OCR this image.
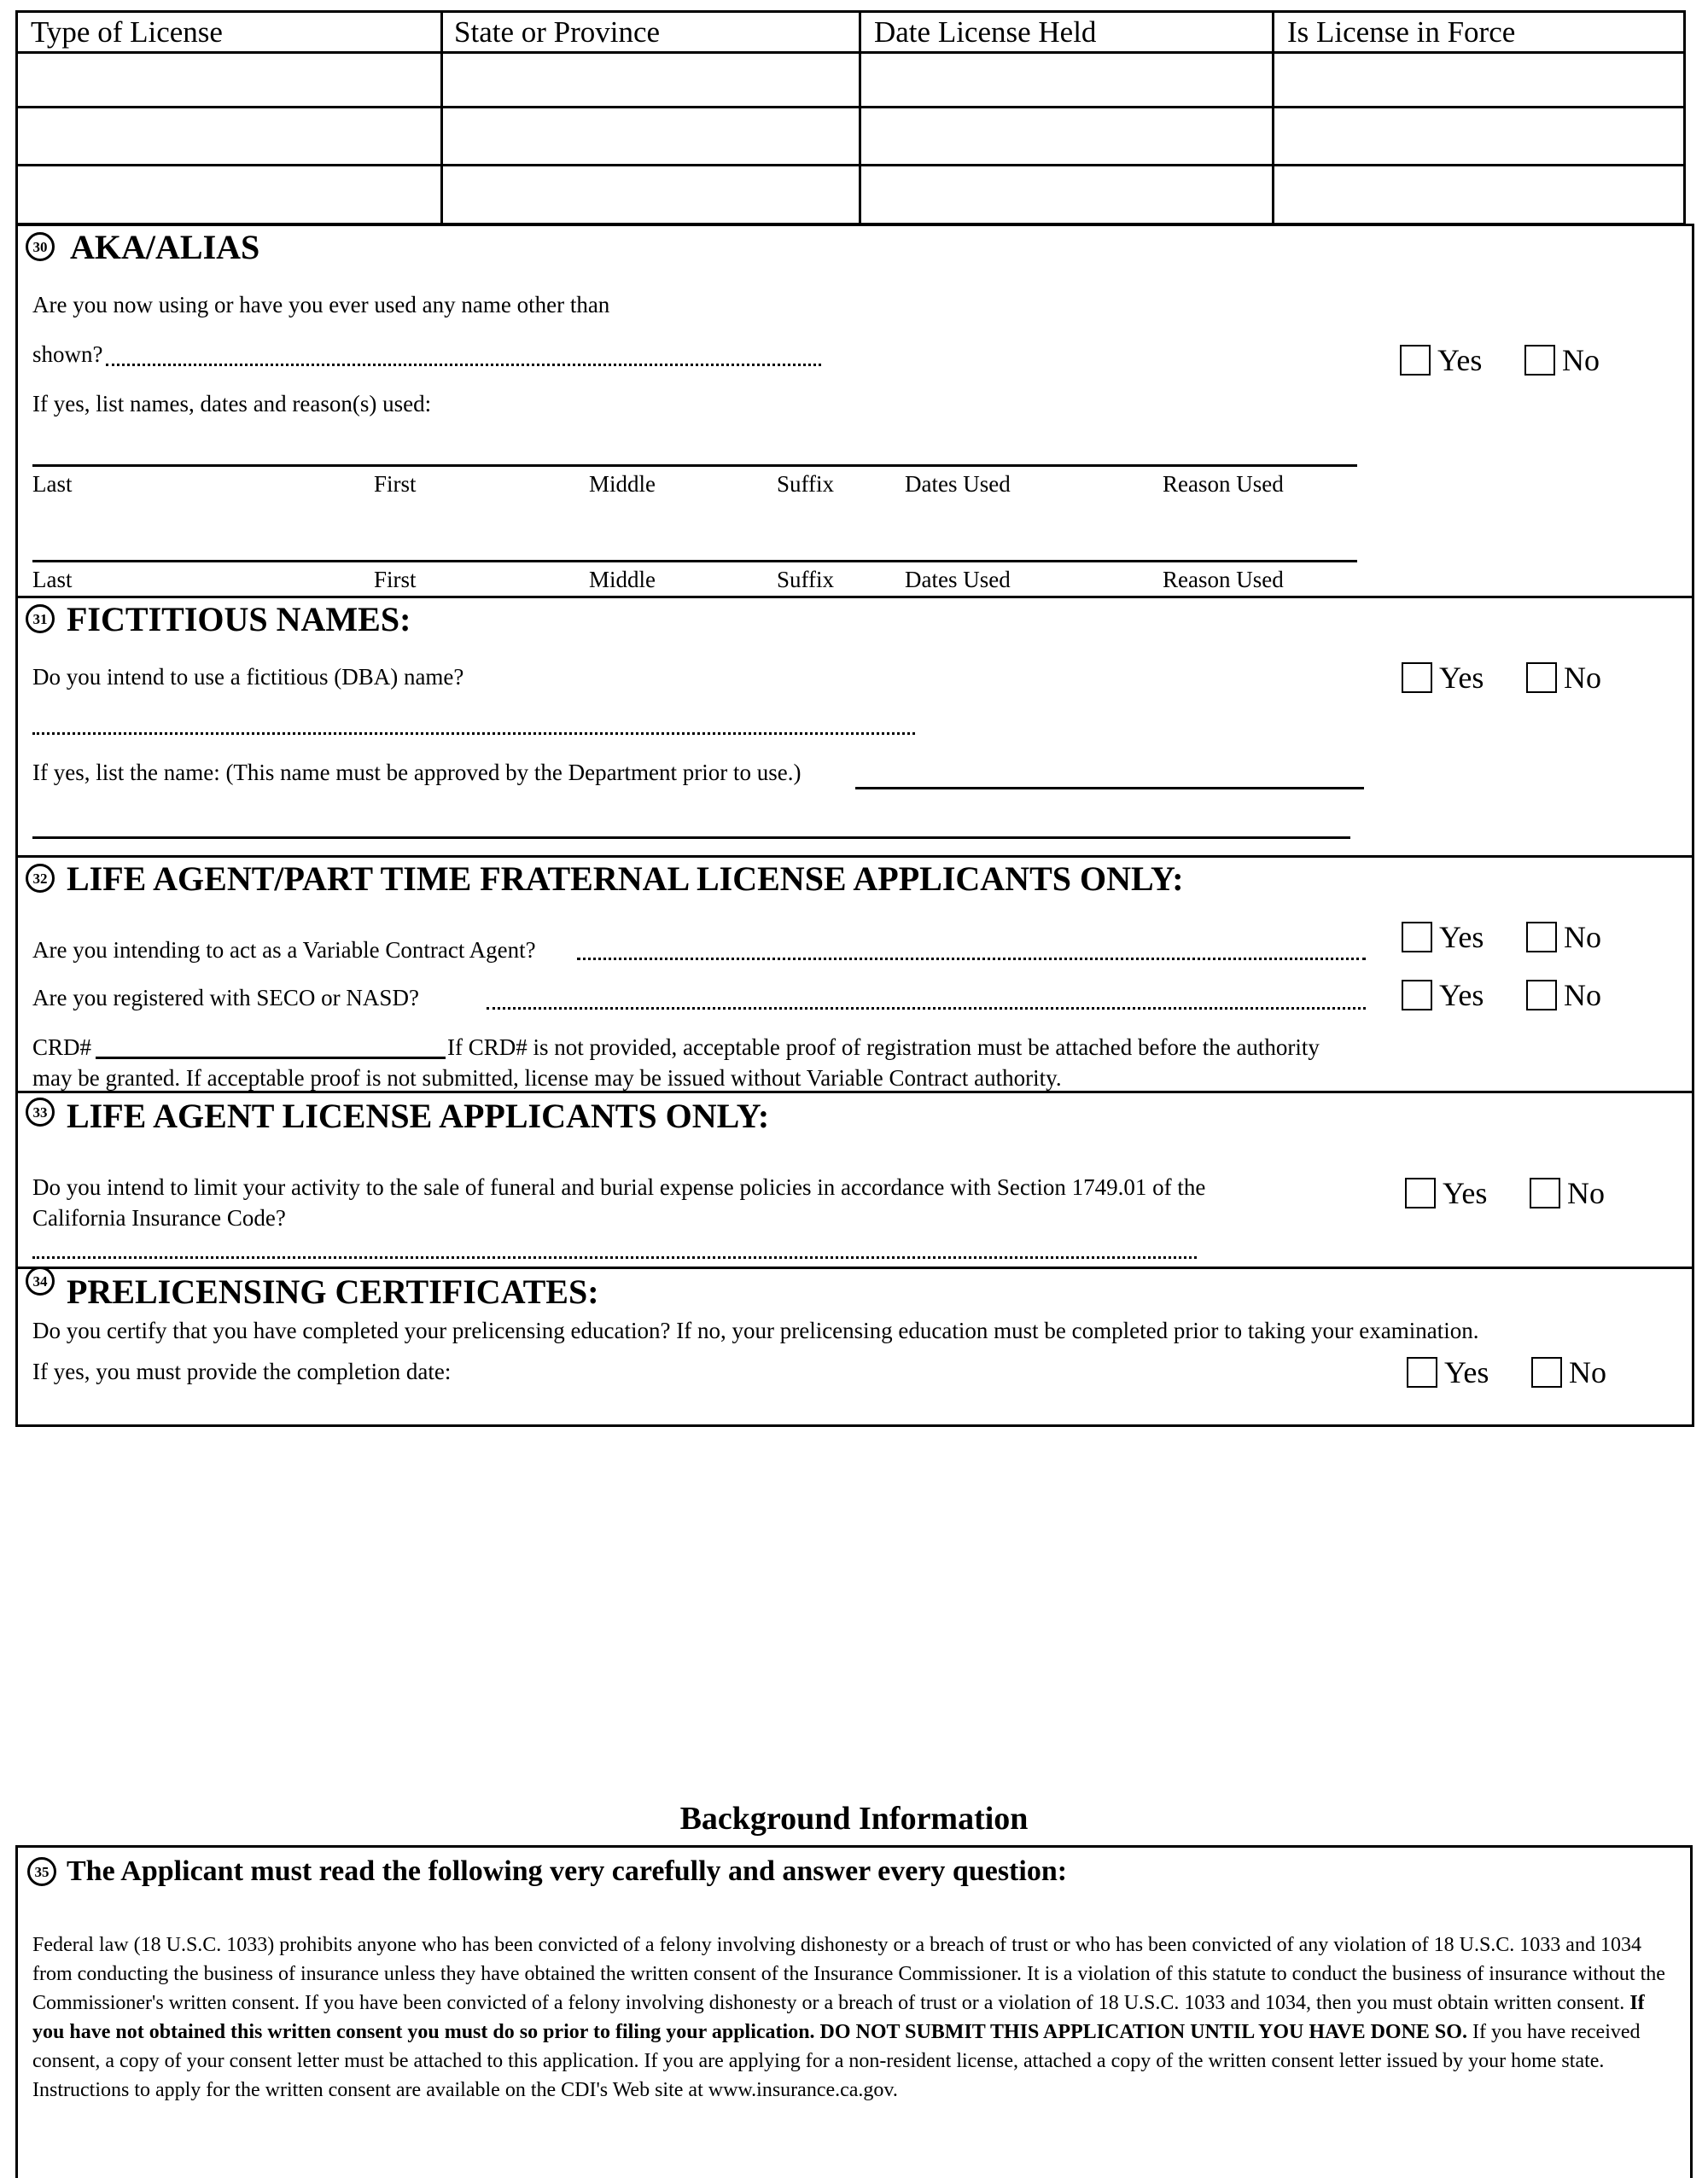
Type of License	State or Province	Date License Held	Is License in Force
30 AKA/ALIAS
Are you now using or have you ever used any name other than
shown?	Yes	No
If yes, list names, dates and reason(s) used:
Last	First	Middle	Suffix	Dates Used	Reason Used
Last	First	Middle	Suffix	Dates Used	Reason Used
31 FICTITIOUS NAMES:
Do you intend to use a fictitious (DBA) name?	Yes	No
If yes, list the name: (This name must be approved by the Department prior to use.)
32 LIFE AGENT/PART TIME FRATERNAL LICENSE APPLICANTS ONLY:
Are you intending to act as a Variable Contract Agent?	Yes	No
Are you registered with SECO or NASD?	Yes	No
CRD#	If CRD# is not provided, acceptable proof of registration must be attached before the authority
may be granted. If acceptable proof is not submitted, license may be issued without Variable Contract authority.
33 LIFE AGENT LICENSE APPLICANTS ONLY:
Do you intend to limit your activity to the sale of funeral and burial expense policies in accordance with Section 1749.01 of the
California Insurance Code?
Yes	No
34 PRELICENSING CERTIFICATES:
Do you certify that you have completed your prelicensing education? If no, your prelicensing education must be completed prior to taking your examination.
If yes, you must provide the completion date:	Yes	No
Background Information
35 The Applicant must read the following very carefully and answer every question:
Federal law (18 U.S.C. 1033) prohibits anyone who has been convicted of a felony involving dishonesty or a breach of trust or who has been convicted of any violation of 18 U.S.C. 1033 and 1034 from conducting the business of insurance unless they have obtained the written consent of the Insurance Commissioner. It is a violation of this statute to conduct the business of insurance without the Commissioner's written consent. If you have been convicted of a felony involving dishonesty or a breach of trust or a violation of 18 U.S.C. 1033 and 1034, then you must obtain written consent. If you have not obtained this written consent you must do so prior to filing your application. DO NOT SUBMIT THIS APPLICATION UNTIL YOU HAVE DONE SO. If you have received consent, a copy of your consent letter must be attached to this application. If you are applying for a non-resident license, attached a copy of the written consent letter issued by your home state. Instructions to apply for the written consent are available on the CDI's Web site at www.insurance.ca.gov.
